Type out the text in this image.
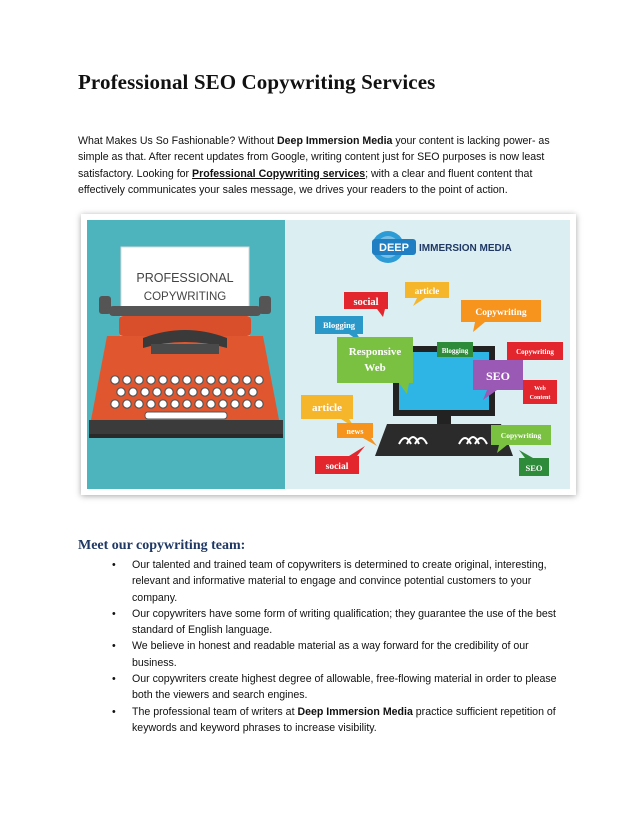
Professional SEO Copywriting Services

What Makes Us So Fashionable? Without Deep Immersion Media your content is lacking power- as simple as that. After recent updates from Google, writing content just for SEO purposes is now least satisfactory. Looking for Professional Copywriting services; with a clear and fluent content that effectively communicates your sales message, we drives your readers to the point of action.

PROFESSIONAL
COPYWRITING
DEEP IMMERSION MEDIA
social
article
Blogging
Copywriting
Responsive
Web
Blogging	Copywriting
SEO
Web
Content
article
news	Copywriting
social	SEO
Meet our copywriting team:
• Our talented and trained team of copywriters is determined to create original, interesting, relevant and informative material to engage and convince potential customers to your company.
• Our copywriters have some form of writing qualification; they guarantee the use of the best standard of English language.
• We believe in honest and readable material as a way forward for the credibility of our business.
• Our copywriters create highest degree of allowable, free-flowing material in order to please both the viewers and search engines.
• The professional team of writers at Deep Immersion Media practice sufficient repetition of keywords and keyword phrases to increase visibility.
